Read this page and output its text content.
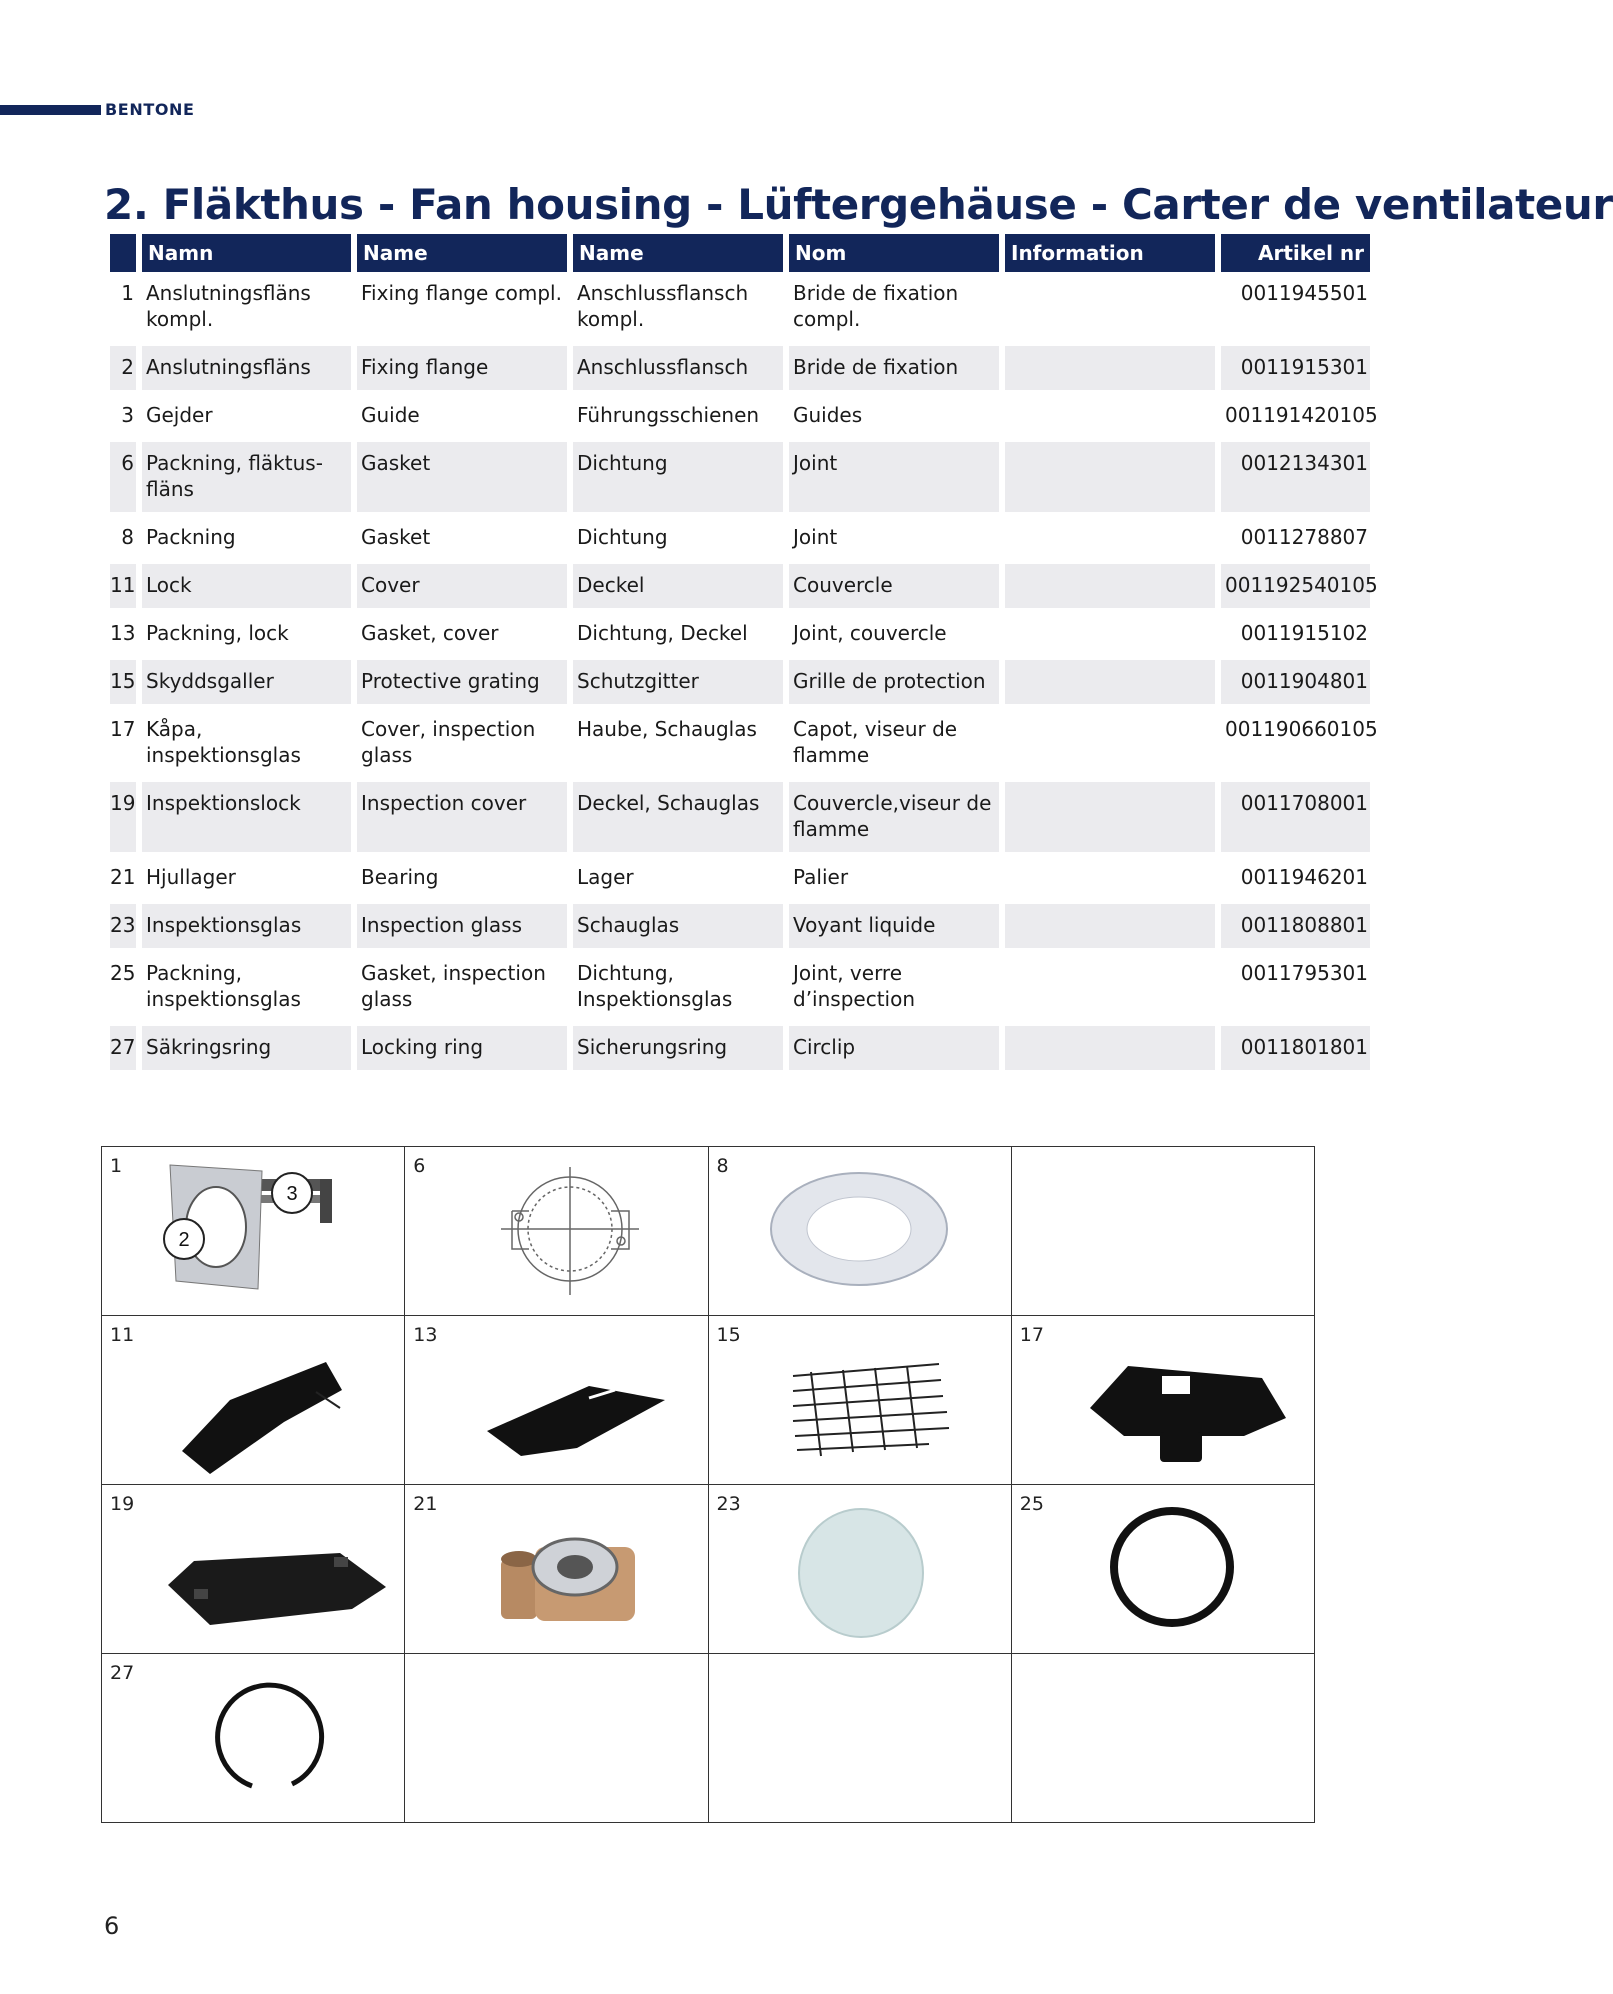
BENTONE
2. Fläkthus - Fan housing - Lüftergehäuse - Carter de ventilateur
	Namn	Name	Name	Nom	Information	Artikel nr
1	Anslutningsfläns kompl.	Fixing flange compl.	Anschlussflansch kompl.	Bride de fixation compl.		0011945501
2	Anslutningsfläns	Fixing flange	Anschlussflansch	Bride de fixation		0011915301
3	Gejder	Guide	Führungsschienen	Guides		001191420105
6	Packning, fläktus-fläns	Gasket	Dichtung	Joint		0012134301
8	Packning	Gasket	Dichtung	Joint		0011278807
11	Lock	Cover	Deckel	Couvercle		001192540105
13	Packning, lock	Gasket, cover	Dichtung, Deckel	Joint, couvercle		0011915102
15	Skyddsgaller	Protective grating	Schutzgitter	Grille de protection		0011904801
17	Kåpa, inspektionsglas	Cover, inspection glass	Haube, Schauglas	Capot, viseur de flamme		001190660105
19	Inspektionslock	Inspection cover	Deckel, Schauglas	Couvercle,viseur de flamme		0011708001
21	Hjullager	Bearing	Lager	Palier		0011946201
23	Inspektionsglas	Inspection glass	Schauglas	Voyant liquide		0011808801
25	Packning, inspektionsglas	Gasket, inspection glass	Dichtung, Inspektionsglas	Joint, verre d’inspection		0011795301
27	Säkringsring	Locking ring	Sicherungsring	Circlip		0011801801
1
3
2	6	8	

11	13	15	17

19	21	23	25

27			

6
